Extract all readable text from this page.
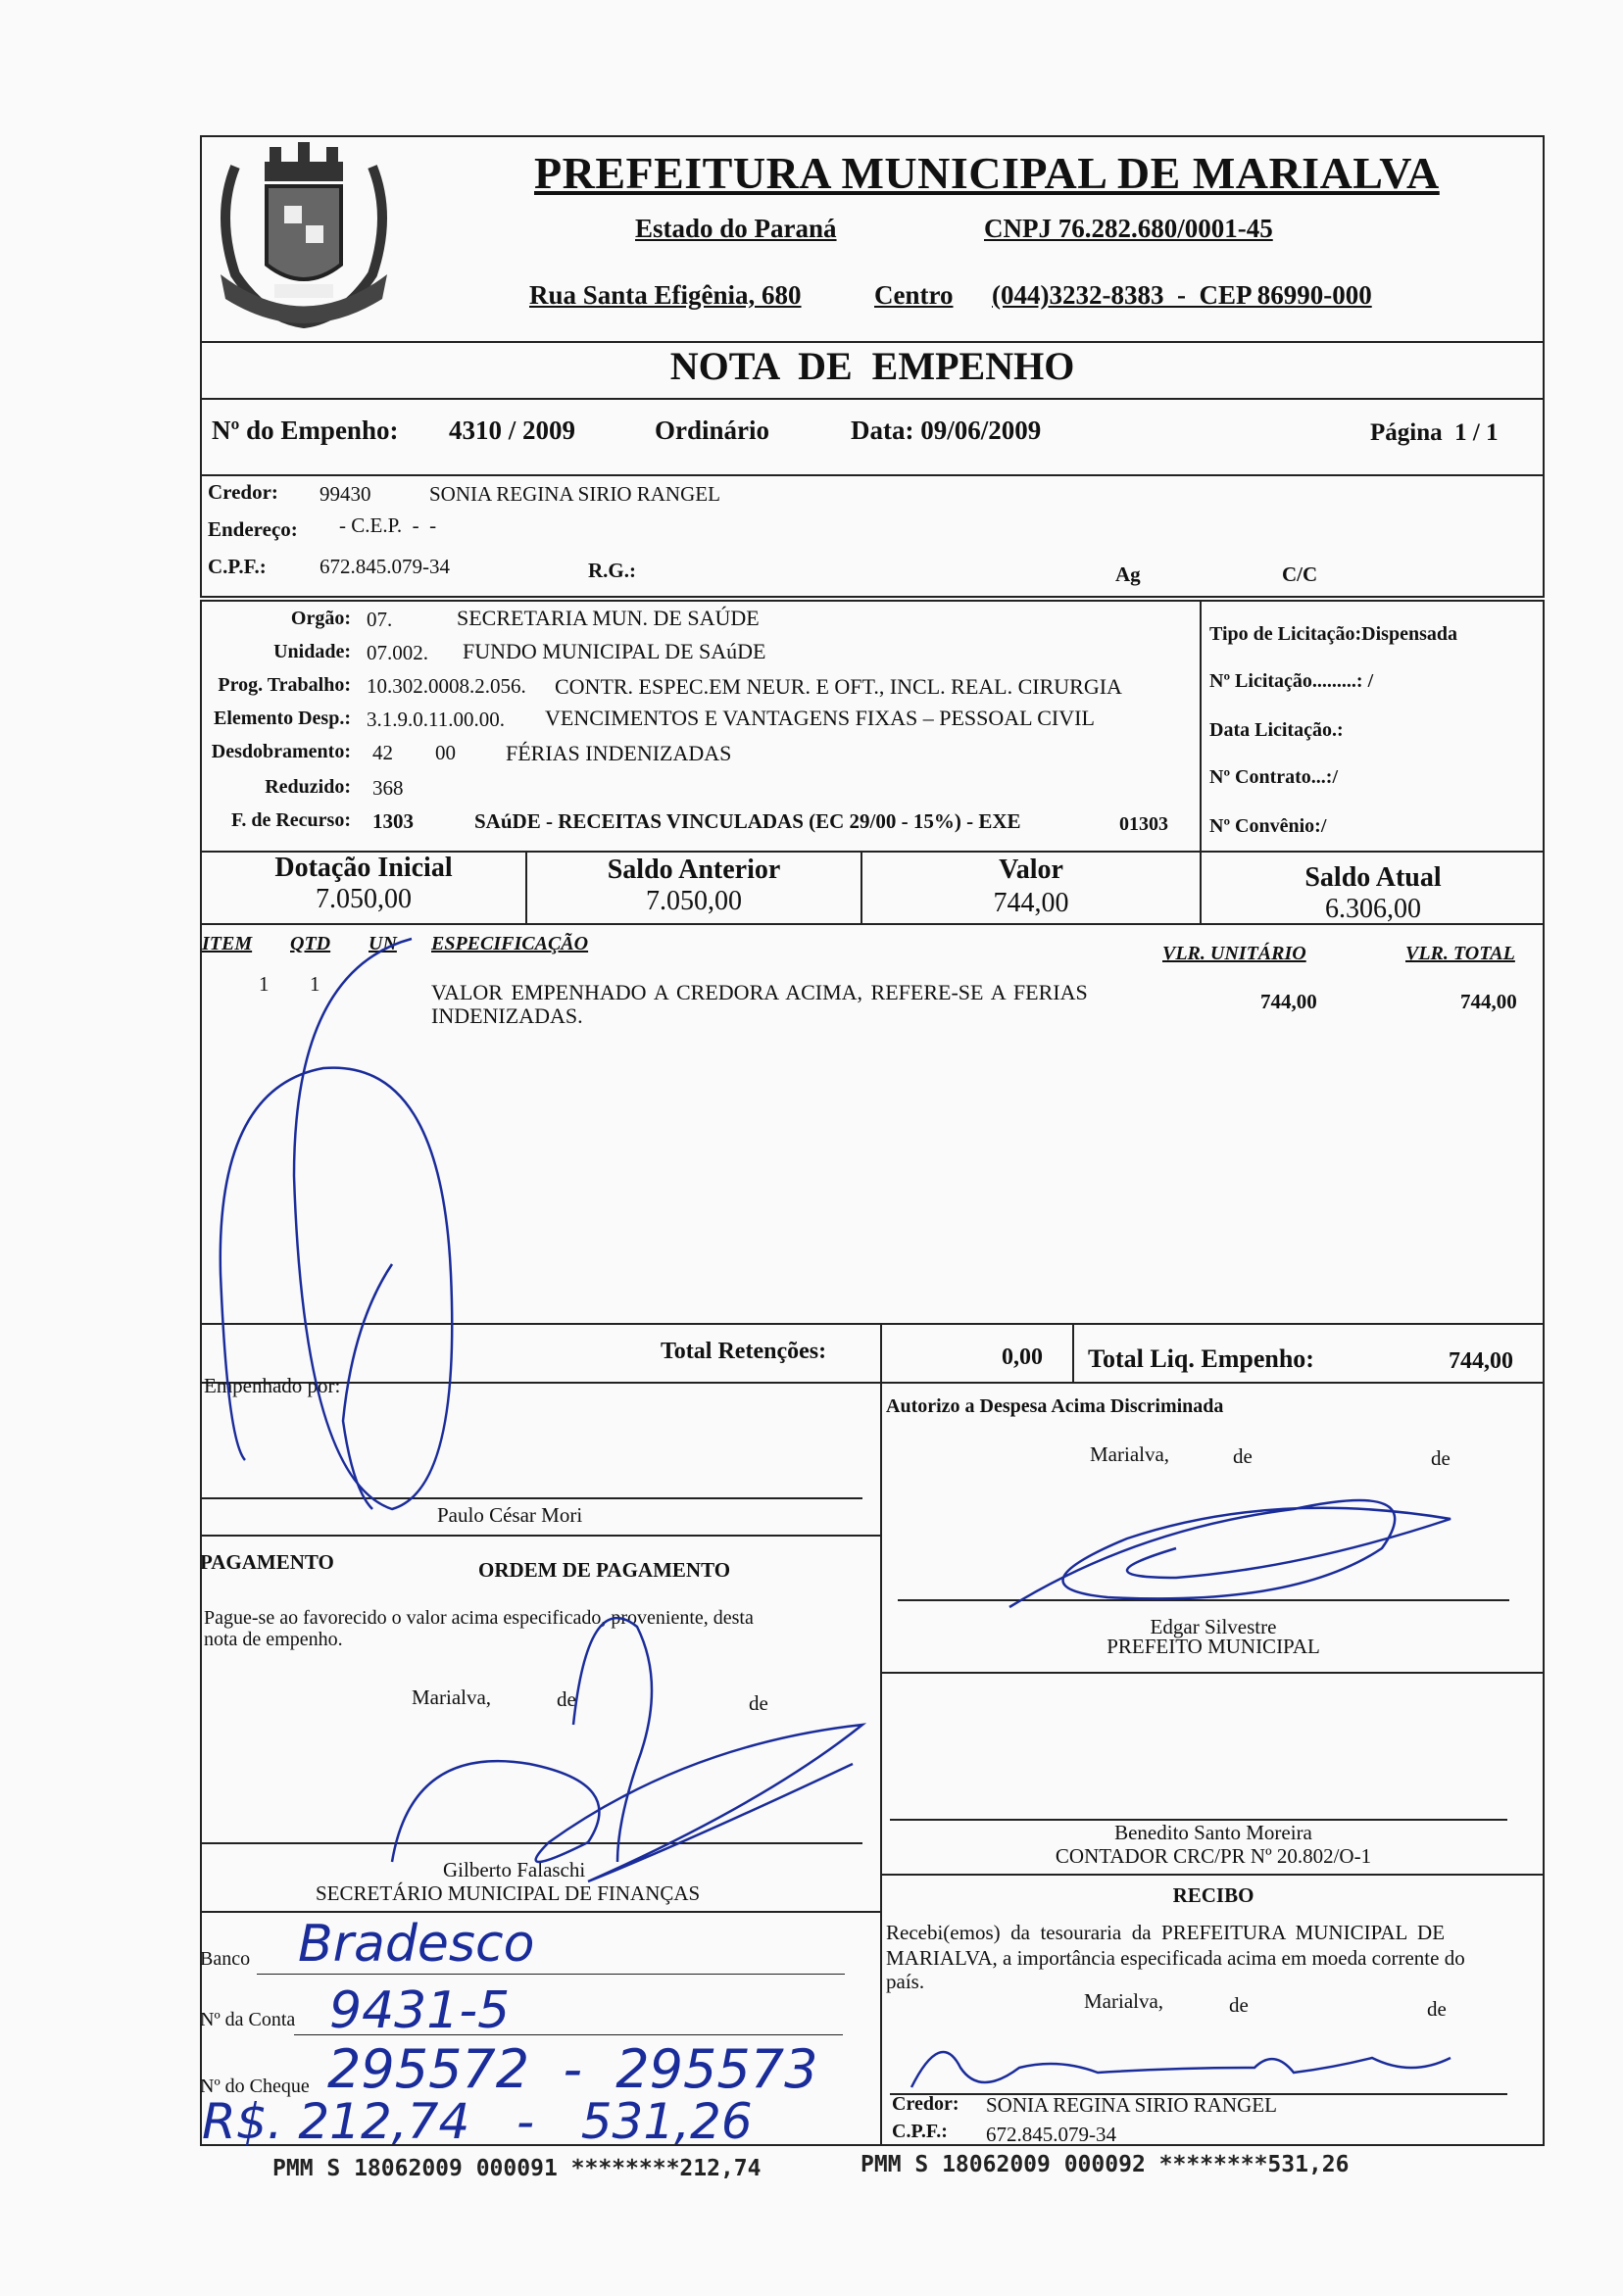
PREFEITURA MUNICIPAL DE MARIALVA
Estado do Paraná	CNPJ 76.282.680/0001-45
Rua Santa Efigênia, 680	Centro (044)3232-8383  -  CEP 86990-000
NOTA  DE  EMPENHO
Nº do Empenho: 4310 / 2009	Ordinário	Data: 09/06/2009	Página  1 / 1
Credor: 99430	SONIA REGINA SIRIO RANGEL
Endereço: - C.E.P.  -  -
C.P.F.:	672.845.079-34	R.G.:	Ag	C/C
Orgão: 07.	SECRETARIA MUN. DE SAÚDE
Unidade: 07.002. FUNDO MUNICIPAL DE SAúDE
Prog. Trabalho: 10.302.0008.2.056. CONTR. ESPEC.EM NEUR. E OFT., INCL. REAL. CIRURGIA
Elemento Desp.: 3.1.9.0.11.00.00. VENCIMENTOS E VANTAGENS FIXAS – PESSOAL CIVIL
Desdobramento: 42 00 FÉRIAS INDENIZADAS
Reduzido: 368
F. de Recurso: 1303	SAúDE - RECEITAS VINCULADAS (EC 29/00 - 15%) - EXE	01303
Tipo de Licitação:Dispensada
Nº Licitação.........: /
Data Licitação.:
Nº Contrato...:/
Nº Convênio:/
Dotação Inicial
7.050,00
Saldo Anterior
7.050,00
Valor
744,00
Saldo Atual
6.306,00
ITEM QTD UN ESPECIFICAÇÃO	VLR. UNITÁRIO	VLR. TOTAL
1 1	VALOR EMPENHADO A CREDORA ACIMA, REFERE-SE A FERIAS
INDENIZADAS.
744,00	744,00
Total Retenções:	0,00 Total Liq. Empenho:	744,00
Empenhado por:
Paulo César Mori
PAGAMENTO	ORDEM DE PAGAMENTO
Pague-se ao favorecido o valor acima especificado, proveniente, desta
nota de empenho.
Marialva,	de	de
Gilberto Falaschi
SECRETÁRIO MUNICIPAL DE FINANÇAS
Banco Bradesco
Nº da Conta 9431-5
Nº do Cheque 295572  -  295573
R$. 212,74   -   531,26
PMM S 18062009 000091 ********212,74
Autorizo a Despesa Acima Discriminada
Marialva,	de	de
Edgar Silvestre
PREFEITO MUNICIPAL
Benedito Santo Moreira
CONTADOR CRC/PR Nº 20.802/O-1
RECIBO
Recebi(emos)  da  tesouraria  da  PREFEITURA  MUNICIPAL  DE
MARIALVA, a importância especificada acima em moeda corrente do
país.
Marialva,	de	de
Credor: SONIA REGINA SIRIO RANGEL
C.P.F.: 672.845.079-34
PMM S 18062009 000092 ********531,26
